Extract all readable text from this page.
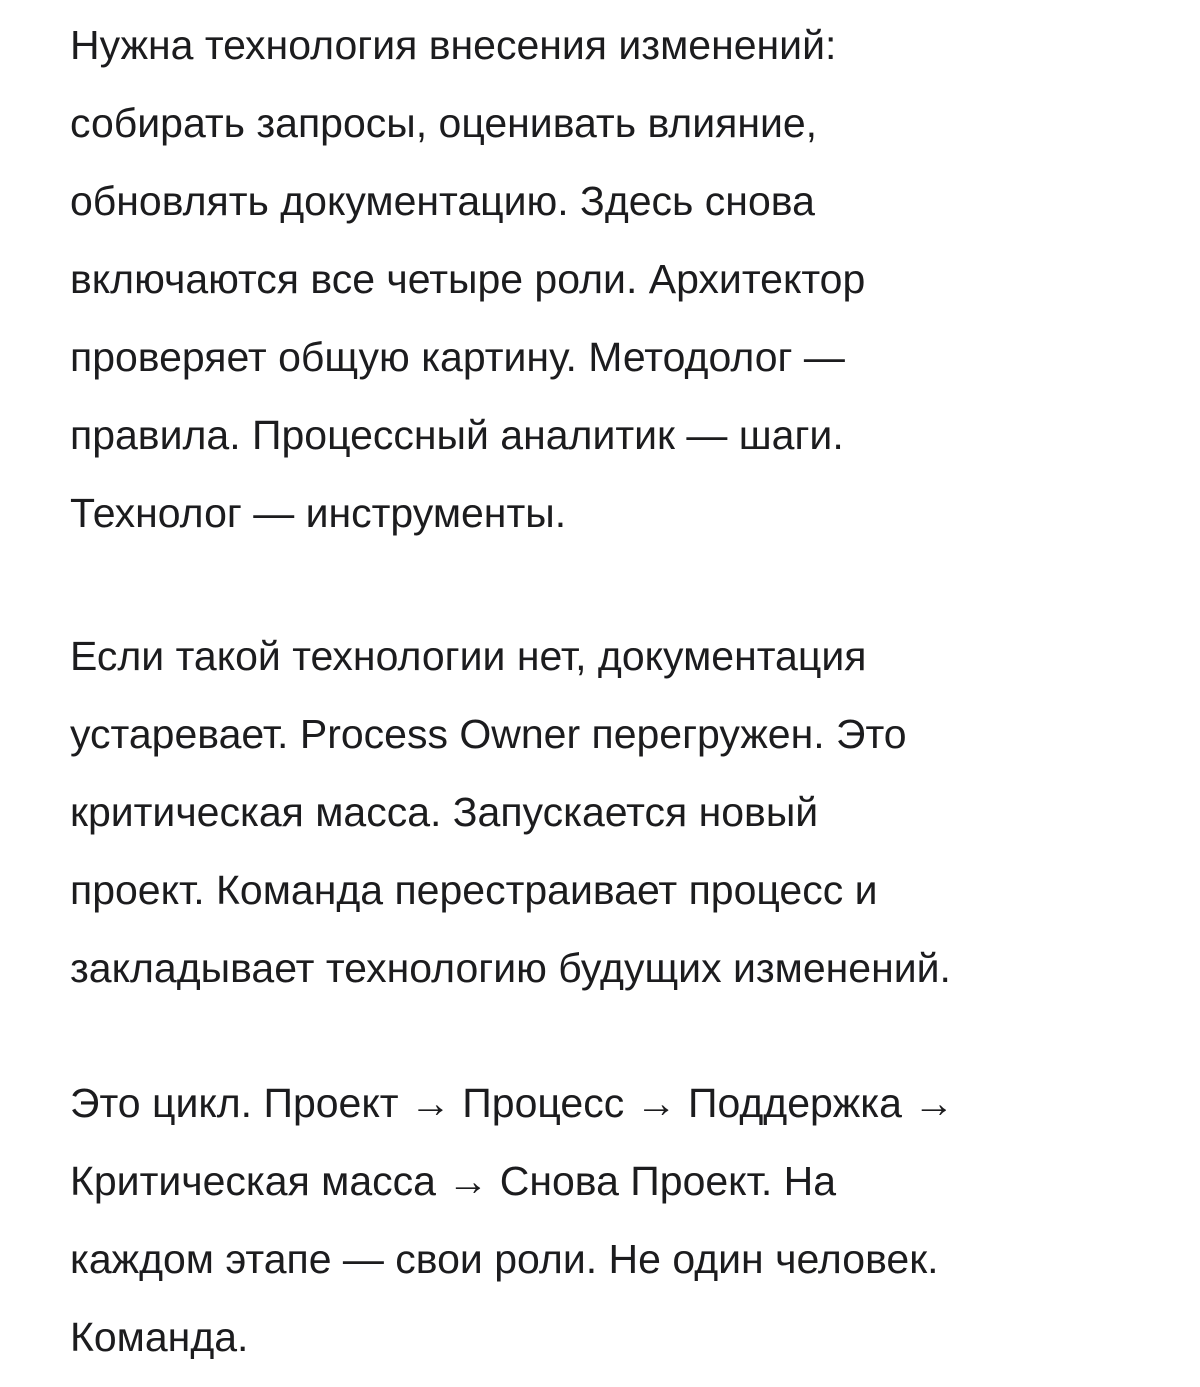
Нужна технология внесения изменений:
собирать запросы, оценивать влияние,
обновлять документацию. Здесь снова
включаются все четыре роли. Архитектор
проверяет общую картину. Методолог —
правила. Процессный аналитик — шаги.
Технолог — инструменты.

Если такой технологии нет, документация
устаревает. Process Owner перегружен. Это
критическая масса. Запускается новый
проект. Команда перестраивает процесс и
закладывает технологию будущих изменений.

Это цикл. Проект → Процесс → Поддержка →
Критическая масса → Снова Проект. На
каждом этапе — свои роли. Не один человек.
Команда.
